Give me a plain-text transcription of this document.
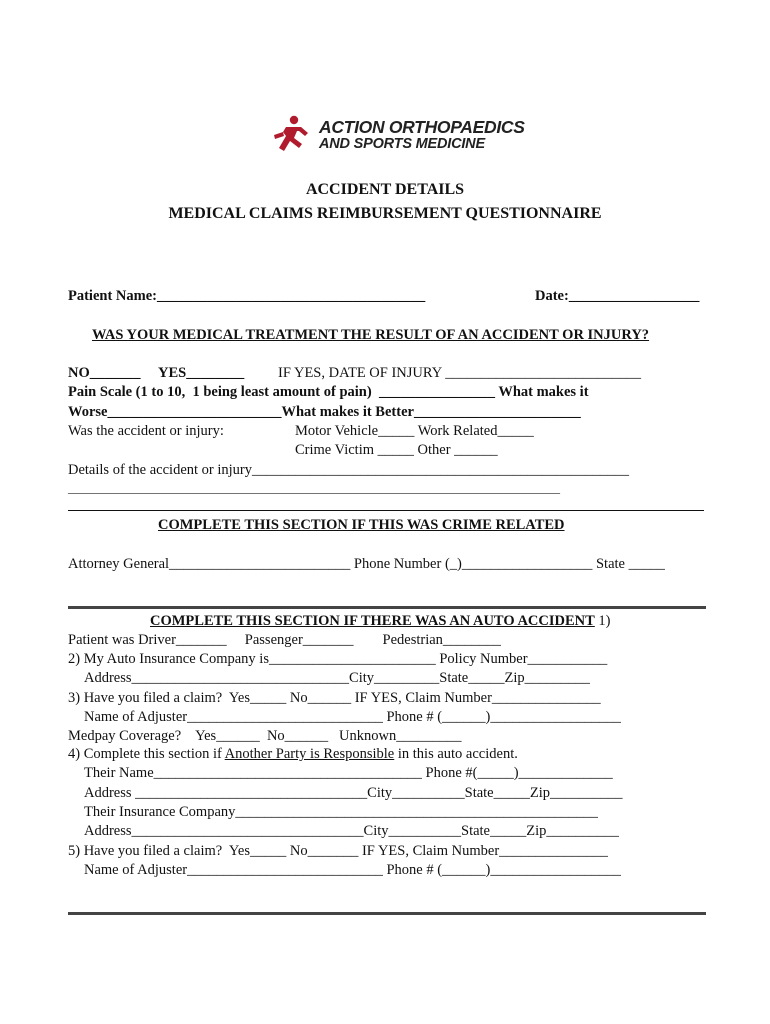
ACTION ORTHOPAEDICS
AND SPORTS MEDICINE
ACCIDENT DETAILS
MEDICAL CLAIMS REIMBURSEMENT QUESTIONNAIRE
Patient Name:_____________________________________	Date:__________________
WAS YOUR MEDICAL TREATMENT THE RESULT OF AN ACCIDENT OR INJURY?
NO_______ YES________ IF YES, DATE OF INJURY ___________________________
Pain Scale (1 to 10,  1 being least amount of pain)  ________________ What makes it
Worse________________________What makes it Better_______________________
Was the accident or injury:	Motor Vehicle_____ Work Related_____
Crime Victim _____ Other ______
Details of the accident or injury____________________________________________________
__________________________________________________________________________________
COMPLETE THIS SECTION IF THIS WAS CRIME RELATED
Attorney General_________________________ Phone Number (_)__________________ State _____
COMPLETE THIS SECTION IF THERE WAS AN AUTO ACCIDENT 1)
Patient was Driver_______     Passenger_______        Pedestrian________
2) My Auto Insurance Company is_______________________ Policy Number___________
Address______________________________City_________State_____Zip_________
3) Have you filed a claim?  Yes_____ No______ IF YES, Claim Number_______________
Name of Adjuster___________________________ Phone # (______)__________________
Medpay Coverage?    Yes______  No______   Unknown_________
4) Complete this section if Another Party is Responsible in this auto accident.
Their Name_____________________________________ Phone #(_____)_____________
Address ________________________________City__________State_____Zip__________
Their Insurance Company__________________________________________________
Address________________________________City__________State_____Zip__________
5) Have you filed a claim?  Yes_____ No_______ IF YES, Claim Number_______________
Name of Adjuster___________________________ Phone # (______)__________________
